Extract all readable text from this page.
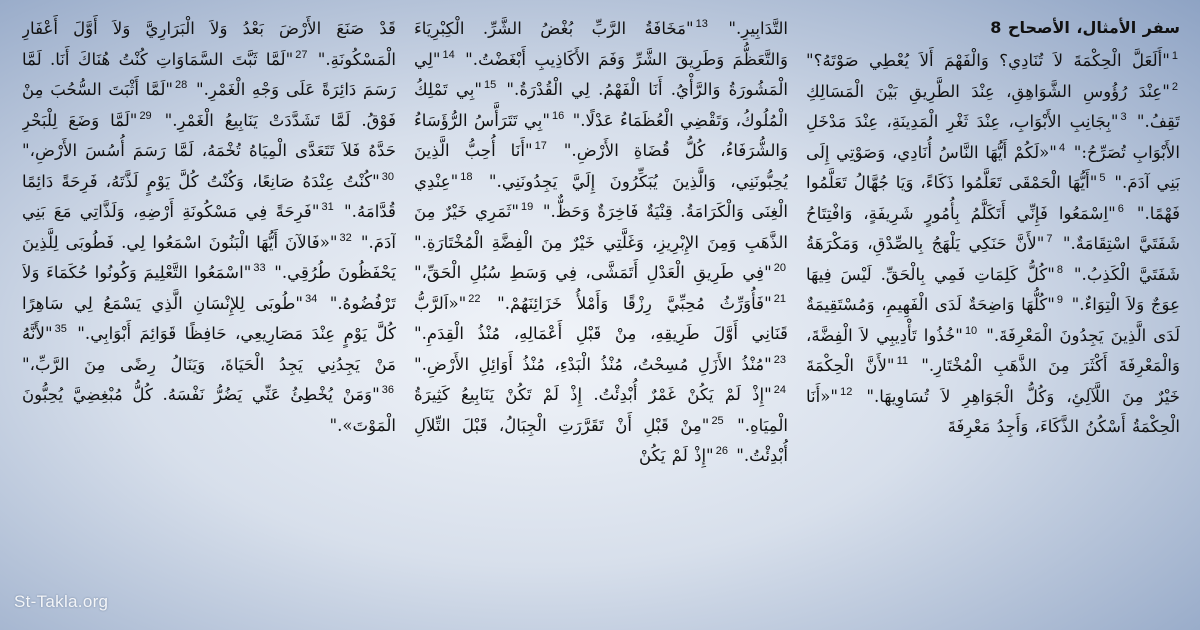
سفر الأمثال، الأصحاح 8

$^1$"أَلَعَلَّ الْحِكْمَةَ لاَ تُنَادِي؟ وَالْفَهْمَ أَلاَ يُعْطِي صَوْتَهُ؟" $^2$"عِنْدَ رُؤُوسِ الشَّوَاهِقِ، عِنْدَ الطَّرِيقِ بَيْنَ الْمَسَالِكِ تَقِفُ." $^3$"بِجَانِبِ الأَبْوَابِ، عِنْدَ ثَغْرِ الْمَدِينَةِ، عِنْدَ مَدْخَلِ الأَبْوَابِ تُصَرِّحُ:" $^4$"«لَكُمْ أَيُّهَا النَّاسُ أُنَادِي، وَصَوْتِي إِلَى بَنِي آدَمَ." $^5$"أَيُّهَا الْحَمْقَى تَعَلَّمُوا ذَكَاءً، وَيَا جُهَّالُ تَعَلَّمُوا فَهْمًا." $^6$"اِسْمَعُوا فَإِنِّي أَتَكَلَّمُ بِأُمُورٍ شَرِيفَةٍ، وَافْتِتَاحُ شَفَتَيَّ اسْتِقَامَةٌ." $^7$"لأَنَّ حَنَكِي يَلْهَجُ بِالصِّدْقِ، وَمَكْرَهَةُ شَفَتَيَّ الْكَذِبُ." $^8$"كُلُّ كَلِمَاتِ فَمِي بِالْحَقِّ. لَيْسَ فِيهَا عِوَجٌ وَلاَ الْتِوَاءٌ." $^9$"كُلُّهَا وَاضِحَةٌ لَدَى الْفَهِيمِ، وَمُسْتَقِيمَةٌ لَدَى الَّذِينَ يَجِدُونَ الْمَعْرِفَةَ." $^{10}$"خُذُوا تَأْدِيبِي لاَ الْفِضَّةَ، وَالْمَعْرِفَةَ أَكْثَرَ مِنَ الذَّهَبِ الْمُخْتَارِ." $^{11}$"لأَنَّ الْحِكْمَةَ خَيْرٌ مِنَ اللَّآلِئِ، وَكُلُّ الْجَوَاهِرِ لاَ تُسَاوِيهَا." $^{12}$"«أَنَا الْحِكْمَةُ أَسْكُنُ الذَّكَاءَ، وَأَجِدُ مَعْرِفَةَ

التَّدَابِيرِ." $^{13}$"مَخَافَةُ الرَّبِّ بُغْضُ الشَّرِّ. الْكِبْرِيَاءَ وَالتَّعَظُّمَ وَطَرِيقَ الشَّرِّ وَفَمَ الأَكَاذِيبِ أَبْغَضْتُ." $^{14}$"لِي الْمَشُورَةُ وَالرَّأْيُ. أَنَا الْفَهْمُ. لِي الْقُدْرَةُ." $^{15}$"بِي تَمْلِكُ الْمُلُوكُ، وَتَقْضِي الْعُظَمَاءُ عَدْلًا." $^{16}$"بِي تَتَرَأَّسُ الرُّؤَسَاءُ وَالشُّرَفَاءُ، كُلُّ قُضَاةِ الأَرْضِ." $^{17}$"أَنَا أُحِبُّ الَّذِينَ يُحِبُّونَنِي، وَالَّذِينَ يُبَكِّرُونَ إِلَيَّ يَجِدُونَنِي." $^{18}$"عِنْدِي الْغِنَى وَالْكَرَامَةُ. قِنْيَةٌ فَاخِرَةٌ وَحَظٌّ." $^{19}$"ثَمَرِي خَيْرٌ مِنَ الذَّهَبِ وَمِنَ الإِبْرِيزِ، وَغَلَّتِي خَيْرٌ مِنَ الْفِضَّةِ الْمُخْتَارَةِ." $^{20}$"فِي طَرِيقِ الْعَدْلِ أَتَمَشَّى، فِي وَسَطِ سُبُلِ الْحَقِّ،" $^{21}$"فَأُوَرِّثُ مُحِبِّيَّ رِزْقًا وَأَمْلأُ خَزَائِنَهُمْ." $^{22}$"«اَلرَّبُّ قَنَانِي أَوَّلَ طَرِيقِهِ، مِنْ قَبْلِ أَعْمَالِهِ، مُنْذُ الْقِدَمِ." $^{23}$"مُنْذُ الأَزَلِ مُسِحْتُ، مُنْذُ الْبَدْءِ، مُنْذُ أَوَائِلِ الأَرْضِ." $^{24}$"إِذْ لَمْ يَكُنْ غَمْرٌ أُبْدِئْتُ. إِذْ لَمْ تَكُنْ يَنَابِيعُ كَثِيرَةُ الْمِيَاهِ." $^{25}$"مِنْ قَبْلِ أَنْ تَقَرَّرَتِ الْجِبَالُ، قَبْلَ التِّلاَلِ أُبْدِئْتُ." $^{26}$"إِذْ لَمْ يَكُنْ

قَدْ صَنَعَ الأَرْضَ بَعْدُ وَلاَ الْبَرَارِيَّ وَلاَ أَوَّلَ أَعْفَارِ الْمَسْكُونَةِ." $^{27}$"لَمَّا ثَبَّتَ السَّمَاوَاتِ كُنْتُ هُنَاكَ أَنَا. لَمَّا رَسَمَ دَائِرَةً عَلَى وَجْهِ الْغَمْرِ." $^{28}$"لَمَّا أَثْبَتَ السُّحُبَ مِنْ فَوْقُ. لَمَّا تَشَدَّدَتْ يَنَابِيعُ الْغَمْرِ." $^{29}$"لَمَّا وَضَعَ لِلْبَحْرِ حَدَّهُ فَلاَ تَتَعَدَّى الْمِيَاهُ تُخْمَهُ، لَمَّا رَسَمَ أُسُسَ الأَرْضِ،" $^{30}$"كُنْتُ عِنْدَهُ صَانِعًا، وَكُنْتُ كُلَّ يَوْمٍ لَذَّتَهُ، فَرِحَةً دَائِمًا قُدَّامَهُ." $^{31}$"فَرِحَةً فِي مَسْكُونَةِ أَرْضِهِ، وَلَذَّاتِي مَعَ بَنِي آدَمَ." $^{32}$"«فَالآنَ أَيُّهَا الْبَنُونَ اسْمَعُوا لِي. فَطُوبَى لِلَّذِينَ يَحْفَظُونَ طُرُقِي." $^{33}$"اسْمَعُوا التَّعْلِيمَ وَكُونُوا حُكَمَاءَ وَلاَ تَرْفُضُوهُ." $^{34}$"طُوبَى لِلإِنْسَانِ الَّذِي يَسْمَعُ لِي سَاهِرًا كُلَّ يَوْمٍ عِنْدَ مَصَارِيعِي، حَافِظًا قَوَائِمَ أَبْوَابِي." $^{35}$"لأَنَّهُ مَنْ يَجِدُنِي يَجِدُ الْحَيَاةَ، وَيَنَالُ رِضًى مِنَ الرَّبِّ،" $^{36}$"وَمَنْ يُخْطِئُ عَنِّي يَضُرُّ نَفْسَهُ. كُلُّ مُبْغِضِيَّ يُحِبُّونَ الْمَوْتَ»."

St-Takla.org
